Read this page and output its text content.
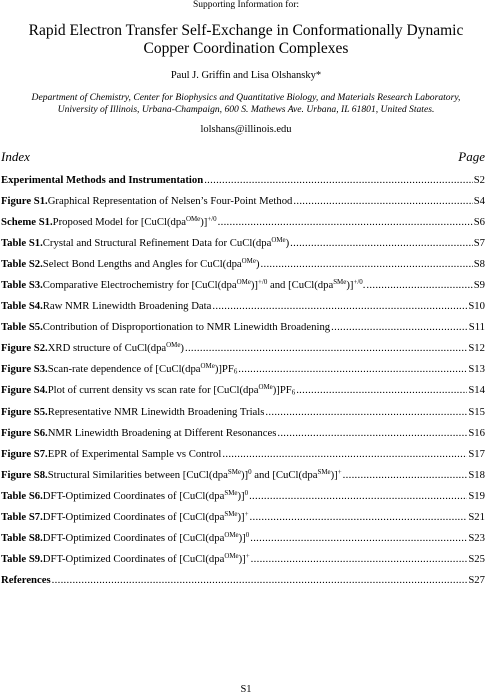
Supporting Information for:
Rapid Electron Transfer Self-Exchange in Conformationally Dynamic
Copper Coordination Complexes
Paul J. Griffin and Lisa Olshansky*
Department of Chemistry, Center for Biophysics and Quantitative Biology, and Materials Research Laboratory, University of Illinois, Urbana-Champaign, 600 S. Mathews Ave. Urbana, IL 61801, United States.
lolshans@illinois.edu
Index	Page
Experimental Methods and Instrumentation .....	S2
Figure S1. Graphical Representation of Nelsen’s Four-Point Method .....	S4
Scheme S1. Proposed Model for [CuCl(dpa$^{OMe}$)]$^{+/0}$ .....	S6
Table S1. Crystal and Structural Refinement Data for CuCl(dpa$^{OMe}$) .....	S7
Table S2. Select Bond Lengths and Angles for CuCl(dpa$^{OMe}$) .....	S8
Table S3. Comparative Electrochemistry for [CuCl(dpa$^{OMe}$)]$^{+/0}$ and [CuCl(dpa$^{SMe}$)]$^{+/0}$. .....	S9
Table S4. Raw NMR Linewidth Broadening Data .....	S10
Table S5. Contribution of Disproportionation to NMR Linewidth Broadening .....	S11
Figure S2. XRD structure of CuCl(dpa$^{OMe}$) .....	S12
Figure S3. Scan-rate dependence of $[CuCl(dpa^{OMe})]PF_6$ .....	S13
Figure S4. Plot of current density vs scan rate for $[CuCl(dpa^{OMe})]PF_6$ .....	S14
Figure S5. Representative NMR Linewidth Broadening Trials .....	S15
Figure S6. NMR Linewidth Broadening at Different Resonances .....	S16
Figure S7. EPR of Experimental Sample vs Control .....	S17
Figure S8. Structural Similarities between [CuCl(dpa$^{SMe}$)]$^0$ and [CuCl(dpa$^{SMe}$)]+ .....	S18
Table S6. DFT-Optimized Coordinates of [CuCl(dpa$^{SMe}$)]$^0$ .....	S19
Table S7. DFT-Optimized Coordinates of [CuCl(dpa$^{SMe}$)]+ .....	S21
Table S8. DFT-Optimized Coordinates of [CuCl(dpa$^{OMe}$)]$^0$ .....	S23
Table S9. DFT-Optimized Coordinates of [CuCl(dpa$^{OMe}$)]+ .....	S25
References .....	S27
S1
